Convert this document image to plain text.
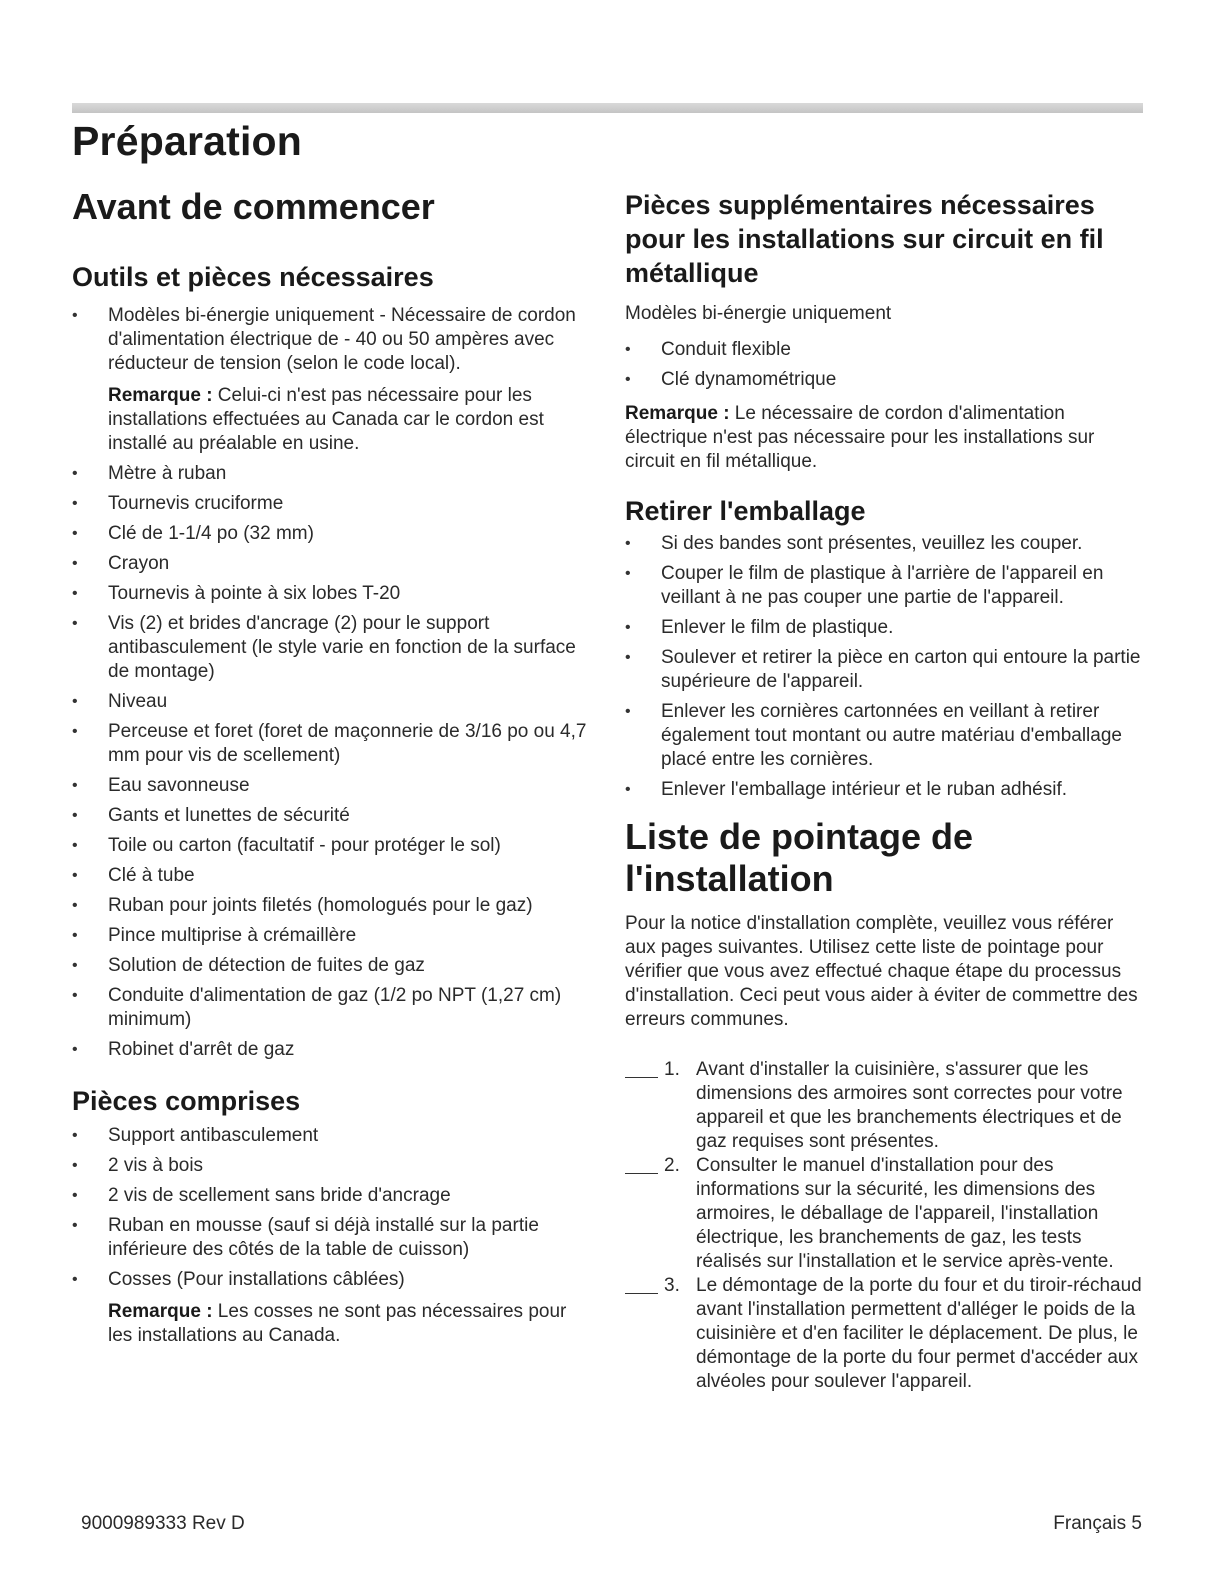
Préparation
Avant de commencer
Outils et pièces nécessaires
• Modèles bi-énergie uniquement - Nécessaire de cordon d'alimentation électrique de - 40 ou 50 ampères avec réducteur de tension (selon le code local).
Remarque : Celui-ci n'est pas nécessaire pour les installations effectuées au Canada car le cordon est installé au préalable en usine.
• Mètre à ruban
• Tournevis cruciforme
• Clé de 1-1/4 po (32 mm)
• Crayon
• Tournevis à pointe à six lobes T-20
• Vis (2) et brides d'ancrage (2) pour le support antibasculement (le style varie en fonction de la surface de montage)
• Niveau
• Perceuse et foret (foret de maçonnerie de 3/16 po ou 4,7 mm pour vis de scellement)
• Eau savonneuse
• Gants et lunettes de sécurité
• Toile ou carton (facultatif - pour protéger le sol)
• Clé à tube
• Ruban pour joints filetés (homologués pour le gaz)
• Pince multiprise à crémaillère
• Solution de détection de fuites de gaz
• Conduite d'alimentation de gaz (1/2 po NPT (1,27 cm) minimum)
• Robinet d'arrêt de gaz
Pièces comprises
• Support antibasculement
• 2 vis à bois
• 2 vis de scellement sans bride d'ancrage
• Ruban en mousse (sauf si déjà installé sur la partie inférieure des côtés de la table de cuisson)
• Cosses (Pour installations câblées)
Remarque : Les cosses ne sont pas nécessaires pour les installations au Canada.
Pièces supplémentaires nécessaires pour les installations sur circuit en fil métallique

Modèles bi-énergie uniquement

• Conduit flexible
• Clé dynamométrique
Remarque : Le nécessaire de cordon d'alimentation électrique n'est pas nécessaire pour les installations sur circuit en fil métallique.
Retirer l'emballage
• Si des bandes sont présentes, veuillez les couper.
• Couper le film de plastique à l'arrière de l'appareil en veillant à ne pas couper une partie de l'appareil.
• Enlever le film de plastique.
• Soulever et retirer la pièce en carton qui entoure la partie supérieure de l'appareil.
• Enlever les cornières cartonnées en veillant à retirer également tout montant ou autre matériau d'emballage placé entre les cornières.
• Enlever l'emballage intérieur et le ruban adhésif.
Liste de pointage de l'installation

Pour la notice d'installation complète, veuillez vous référer aux pages suivantes. Utilisez cette liste de pointage pour vérifier que vous avez effectué chaque étape du processus d'installation. Ceci peut vous aider à éviter de commettre des erreurs communes.

1. Avant d'installer la cuisinière, s'assurer que les dimensions des armoires sont correctes pour votre appareil et que les branchements électriques et de gaz requises sont présentes.
2. Consulter le manuel d'installation pour des informations sur la sécurité, les dimensions des armoires, le déballage de l'appareil, l'installation électrique, les branchements de gaz, les tests réalisés sur l'installation et le service après-vente.
3. Le démontage de la porte du four et du tiroir-réchaud avant l'installation permettent d'alléger le poids de la cuisinière et d'en faciliter le déplacement. De plus, le démontage de la porte du four permet d'accéder aux alvéoles pour soulever l'appareil.
9000989333 Rev D	Français 5
